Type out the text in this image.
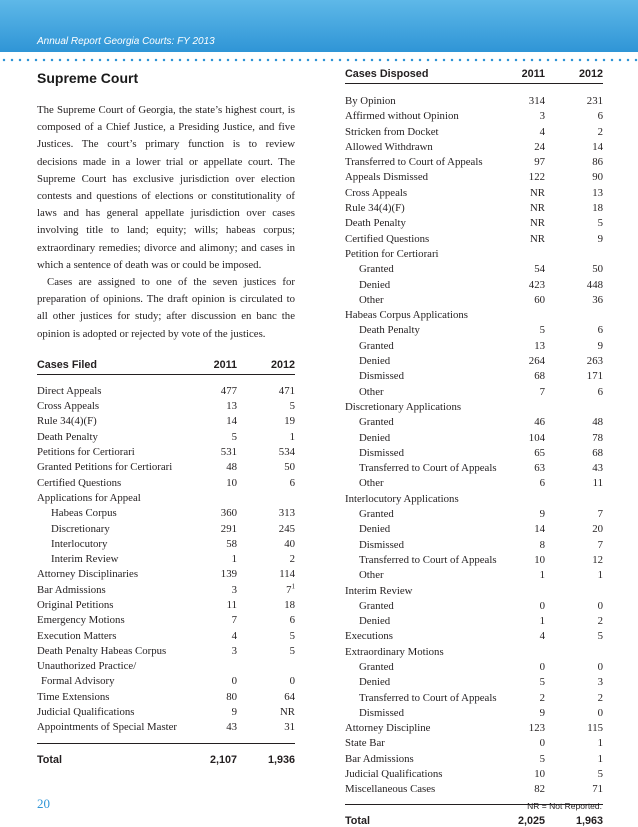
Annual Report Georgia Courts: FY 2013
Supreme Court

The Supreme Court of Georgia, the state’s highest court, is composed of a Chief Justice, a Presiding Justice, and five Justices. The court’s primary function is to review decisions made in a lower trial or appellate court. The Supreme Court has exclusive jurisdiction over election contests and questions of elections or constitutionality of laws and has general appellate jurisdiction over cases involving title to land; equity; wills; habeas corpus; extraordinary remedies; divorce and alimony; and cases in which a sentence of death was or could be imposed.
Cases are assigned to one of the seven justices for preparation of opinions. The draft opinion is circulated to all other justices for study; after discussion en banc the opinion is adopted or rejected by vote of the justices.

Cases Filed	2011	2012
Direct Appeals	477	471
Cross Appeals	13	5
Rule 34(4)(F)	14	19
Death Penalty	5	1
Petitions for Certiorari	531	534
Granted Petitions for Certiorari	48	50
Certified Questions	10	6
Applications for Appeal
Habeas Corpus	360	313
Discretionary	291	245
Interlocutory	58	40
Interim Review	1	2
Attorney Disciplinaries	139	114
Bar Admissions	3	$7^1$
Original Petitions	11	18
Emergency Motions	7	6
Execution Matters	4	5
Death Penalty Habeas Corpus	3	5
Unauthorized Practice/
Formal Advisory	0	0
Time Extensions	80	64
Judicial Qualifications	9	NR
Appointments of Special Master	43	31
Total	2,107	1,936
Cases Disposed	2011	2012
By Opinion	314	231
Affirmed without Opinion	3	6
Stricken from Docket	4	2
Allowed Withdrawn	24	14
Transferred to Court of Appeals	97	86
Appeals Dismissed	122	90
Cross Appeals	NR	13
Rule 34(4)(F)	NR	18
Death Penalty	NR	5
Certified Questions	NR	9
Petition for Certiorari
Granted	54	50
Denied	423	448
Other	60	36
Habeas Corpus Applications
Death Penalty	5	6
Granted	13	9
Denied	264	263
Dismissed	68	171
Other	7	6
Discretionary Applications
Granted	46	48
Denied	104	78
Dismissed	65	68
Transferred to Court of Appeals	63	43
Other	6	11
Interlocutory Applications
Granted	9	7
Denied	14	20
Dismissed	8	7
Transferred to Court of Appeals	10	12
Other	1	1
Interim Review
Granted	0	0
Denied	1	2
Executions	4	5
Extraordinary Motions
Granted	0	0
Denied	5	3
Transferred to Court of Appeals	2	2
Dismissed	9	0
Attorney Discipline	123	115
State Bar	0	1
Bar Admissions	5	1
Judicial Qualifications	10	5
Miscellaneous Cases	82	71
Total	2,025	1,963
20	NR = Not Reported.
